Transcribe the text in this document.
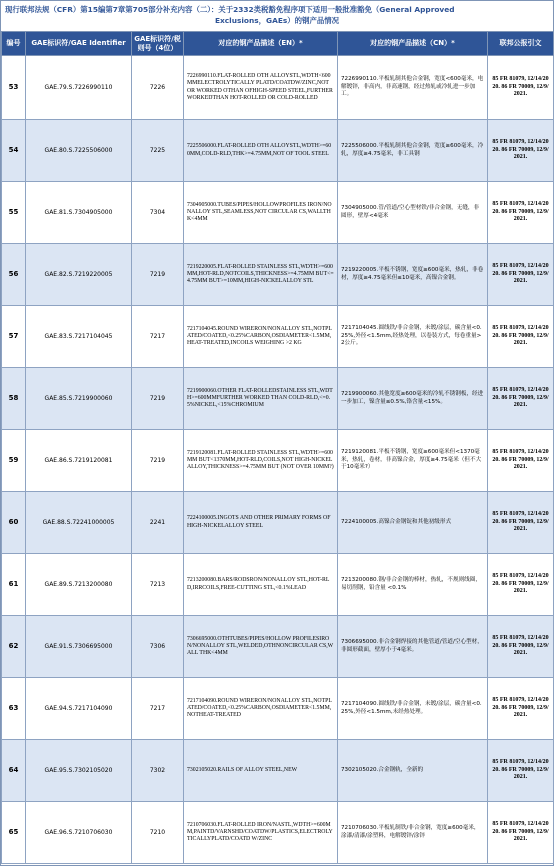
现行联邦法规（CFR）第15编第7章第705部分补充内容（二）：关于2332类税豁免程序项下适用一般批准豁免（General Approved
Exclusions，GAEs）的钢产品情况
编号	GAE标识符/GAE Identifier	GAE标识符/税则号（4位）	对应的钢产品描述（EN）*	对应的钢产品描述（CN）*	联邦公报引文
53	GAE.79.S.7226990110	7226	7226990110.FLAT-ROLLED OTH ALLOYSTL,WDTH<600MMELECTROLYTICALLY PLATD/COATDW/ZINC,NOT OR WORKED OTHAN OFHIGH-SPEED STEEL,FURTHER WORKEDTHAN HOT-ROLLED OR COLD-ROLLED	7226990110.平板轧制其他合金钢，宽度<600毫米，电解镀锌，非高内，非高速钢，经过热轧或冷轧进一步加工。	85 FR 81079, 12/14/2020. 86 FR 70009, 12/9/2021.
54	GAE.80.S.7225506000	7225	7225506000.FLAT-ROLLED OTH ALLOYSTL,WDTH>=600MM,COLD-RLD,THK>=4.75MM,NOT OF TOOL STEEL	7225506000.平板轧制其他合金钢，宽度≥600毫米，冷轧，厚度≥4.75毫米，非工具钢	85 FR 81079, 12/14/2020. 86 FR 70009, 12/9/2021.
55	GAE.81.S.7304905000	7304	7304905000.TUBES/PIPES/HOLLOWPROFILES IRON/NONALLOY STL,SEAMLESS,NOT CIRCULAR CS,WALLTHK<4MM	7304905000.管/管道/空心型材铁/非合金钢，无缝，非圆形，壁厚<4毫米	85 FR 81079, 12/14/2020. 86 FR 70009, 12/9/2021.
56	GAE.82.S.7219220005	7219	7219220005.FLAT-ROLLED STAINLESS STL,WDTH>=600MM,HOT-RLD,NOTCOILS,THICKNESS>=4.75MM BUT<=4.75MM BUT>=10MM,HIGH-NICKELALLOY STL	7219220005.平板不锈钢，宽度≥600毫米，热轧，非卷材，厚度≥4.75毫米但≤10毫米，高镍合金钢。	85 FR 81079, 12/14/2020. 86 FR 70009, 12/9/2021.
57	GAE.83.S.7217104045	7217	7217104045.ROUND WIRERON/NONALLOY STL,NOTPLATED/COATED,<0.25%CARBON,OSDIAMETER<1.5MM,HEAT-TREATED,INCOILS WEIGHING >2 KG	7217104045.圆线铁/非合金钢，未镀/涂层，碳含量<0.25%,外径<1.5mm,经热处理，以卷装方式，每卷重量>2公斤。	85 FR 81079, 12/14/2020. 86 FR 70009, 12/9/2021.
58	GAE.85.S.7219900060	7219	7219900060.OTHER FLAT-ROLLEDSTAINLESS STL,WDTH>=600MMFURTHER WORKED THAN COLD-RLD,<=0.5%NICKEL,<15%CHROMIUM	7219900060.其他宽度≥600毫米的冷轧不锈钢板，经进一步加工，镍含量≤0.5%,铬含量<15%。	85 FR 81079, 12/14/2020. 86 FR 70009, 12/9/2021.
59	GAE.86.S.7219120081	7219	7219120081.FLAT-ROLLED STAINLESS STL,WDTH>=600MM BUT<1370MM,HOT-RLD,COILS,NOT HIGH-NICKELALLOY,THICKNESS>=4.75MM BUT (NOT OVER 10MM?)	7219120081.平板不锈钢，宽度≥600毫米但<1370毫米，热轧，卷材，非高镍合金，厚度≥4.75毫米（但不大于10毫米?）	85 FR 81079, 12/14/2020. 86 FR 70009, 12/9/2021.
60	GAE.88.S.72241000005	2241	7224100005.INGOTS AND OTHER PRIMARY FORMS OF HIGH-NICKELALLOY STEEL	7224100005.高镍合金钢锭和其他初级形式	85 FR 81079, 12/14/2020. 86 FR 70009, 12/9/2021.
61	GAE.89.S.7213200080	7213	7213200080.BARS/RODSRON/NONALLOY STL,HOT-RLD,IRRCOILS,FREE-CUTTING STL,<0.1%LEAD	7213200080.钢/非合金钢的棒材，热轧，不规则线圈，易切削钢，铅含量 <0.1%	85 FR 81079, 12/14/2020. 86 FR 70009, 12/9/2021.
62	GAE.91.S.7306695000	7306	7306695000.OTHTUBES/PIPES/HOLLOW PROFILESIRON/NONALLOY STL,WELDED,OTHNONCIRCULAR CS,WALL THK<4MM	7306695000.非合金钢焊接的其他管道/管道/空心型材，非圆形截面，壁厚小于4毫米。	85 FR 81079, 12/14/2020. 86 FR 70009, 12/9/2021.
63	GAE.94.S.7217104090	7217	7217104090.ROUND WIRERON/NONALLOY STL,NOTPLATED/COATED,<0.25%CARBON,OSDIAMETER<1.5MM,NOTHEAT-TREATED	7217104090.圆线铁/非合金钢，未镀/涂层，碳含量<0.25%,外径<1.5mm,未经热处理。	85 FR 81079, 12/14/2020. 86 FR 70009, 12/9/2021.
64	GAE.95.S.7302105020	7302	7302105020.RAILS OF ALLOY STEEL,NEW	7302105020.合金钢轨，全新的	85 FR 81079, 12/14/2020. 86 FR 70009, 12/9/2021.
65	GAE.96.S.7210706030	7210	7210706030.FLAT-ROLLED IRON/NASTL,WDTH>=600MM,PAINTD/VARNSHD/COATDW/PLASTICS,ELECTROLYTICALLYPLATD/COATD W/ZINC	7210706030.平板轧制铁/非合金钢，宽度≥600毫米，涂漆/清漆/涂塑料，电解镀锌/涂锌	85 FR 81079, 12/14/2020. 86 FR 70009, 12/9/2021.
